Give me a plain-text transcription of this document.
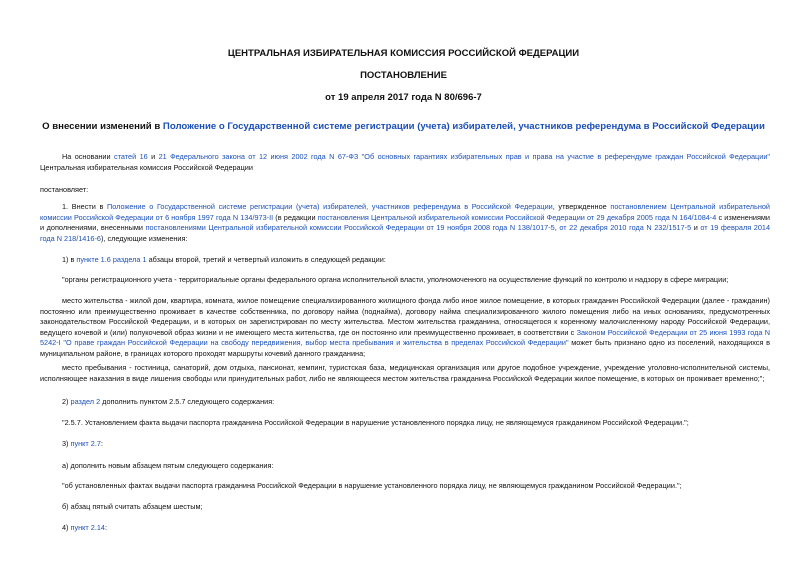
ЦЕНТРАЛЬНАЯ ИЗБИРАТЕЛЬНАЯ КОМИССИЯ РОССИЙСКОЙ ФЕДЕРАЦИИ
ПОСТАНОВЛЕНИЕ
от 19 апреля 2017 года N 80/696-7
О внесении изменений в Положение о Государственной системе регистрации (учета) избирателей, участников референдума в Российской Федерации
На основании статей 16 и 21 Федерального закона от 12 июня 2002 года N 67-ФЗ "Об основных гарантиях избирательных прав и права на участие в референдуме граждан Российской Федерации" Центральная избирательная комиссия Российской Федерации
постановляет:
1. Внести в Положение о Государственной системе регистрации (учета) избирателей, участников референдума в Российской Федерации, утвержденное постановлением Центральной избирательной комиссии Российской Федерации от 6 ноября 1997 года N 134/973-II (в редакции постановления Центральной избирательной комиссии Российской Федерации от 29 декабря 2005 года N 164/1084-4 с изменениями и дополнениями, внесенными постановлениями Центральной избирательной комиссии Российской Федерации от 19 ноября 2008 года N 138/1017-5, от 22 декабря 2010 года N 232/1517-5 и от 19 февраля 2014 года N 218/1416-6), следующие изменения:
1) в пункте 1.6 раздела 1 абзацы второй, третий и четвертый изложить в следующей редакции:
"органы регистрационного учета - территориальные органы федерального органа исполнительной власти, уполномоченного на осуществление функций по контролю и надзору в сфере миграции;
место жительства - жилой дом, квартира, комната, жилое помещение специализированного жилищного фонда либо иное жилое помещение, в которых гражданин Российской Федерации (далее - гражданин) постоянно или преимущественно проживает в качестве собственника, по договору найма (поднайма), договору найма специализированного жилого помещения либо на иных основаниях, предусмотренных законодательством Российской Федерации, и в которых он зарегистрирован по месту жительства. Местом жительства гражданина, относящегося к коренному малочисленному народу Российской Федерации, ведущего кочевой и (или) полукочевой образ жизни и не имеющего места жительства, где он постоянно или преимущественно проживает, в соответствии с Законом Российской Федерации от 25 июня 1993 года N 5242-I "О праве граждан Российской Федерации на свободу передвижения, выбор места пребывания и жительства в пределах Российской Федерации" может быть признано одно из поселений, находящихся в муниципальном районе, в границах которого проходят маршруты кочевий данного гражданина;
место пребывания - гостиница, санаторий, дом отдыха, пансионат, кемпинг, туристская база, медицинская организация или другое подобное учреждение, учреждение уголовно-исполнительной системы, исполняющее наказания в виде лишения свободы или принудительных работ, либо не являющееся местом жительства гражданина Российской Федерации жилое помещение, в которых он проживает временно;";
2) раздел 2 дополнить пунктом 2.5.7 следующего содержания:
"2.5.7. Установлением факта выдачи паспорта гражданина Российской Федерации в нарушение установленного порядка лицу, не являющемуся гражданином Российской Федерации.";
3) пункт 2.7:
а) дополнить новым абзацем пятым следующего содержания:
"об установленных фактах выдачи паспорта гражданина Российской Федерации в нарушение установленного порядка лицу, не являющемуся гражданином Российской Федерации.";
б) абзац пятый считать абзацем шестым;
4) пункт 2.14:
